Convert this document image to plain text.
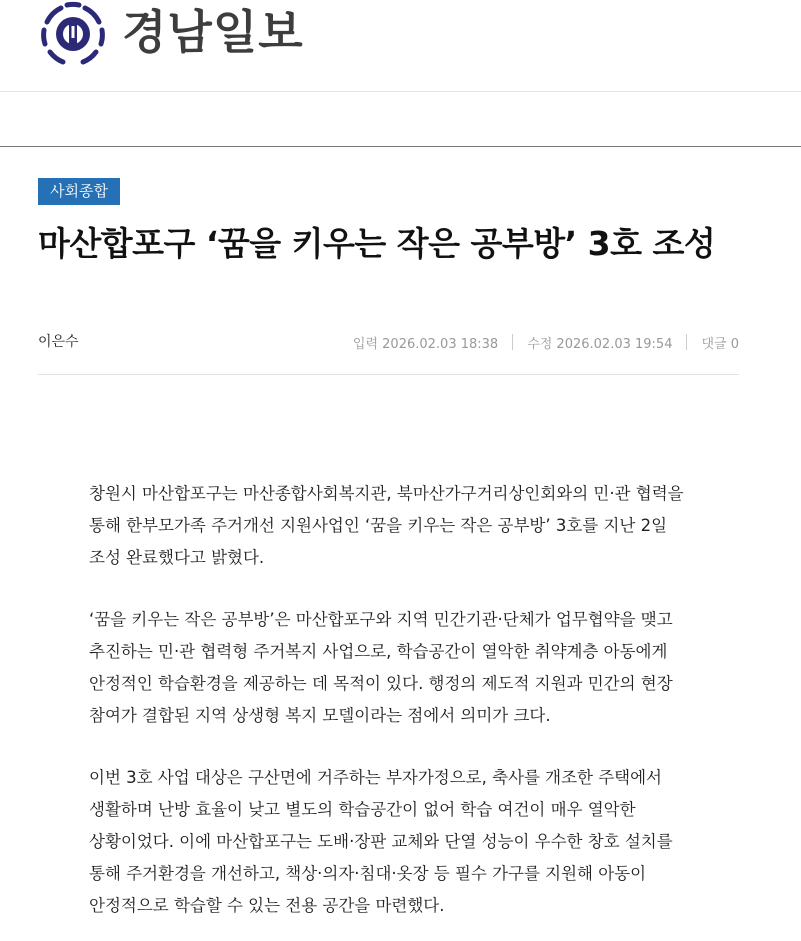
경남일보
사회종합
마산합포구 ‘꿈을 키우는 작은 공부방’ 3호 조성
이은수	입력 2026.02.03 18:38 수정 2026.02.03 19:54 댓글 0

창원시 마산합포구는 마산종합사회복지관, 북마산가구거리상인회와의 민·관 협력을 통해 한부모가족 주거개선 지원사업인 ‘꿈을 키우는 작은 공부방’ 3호를 지난 2일 조성 완료했다고 밝혔다.

‘꿈을 키우는 작은 공부방’은 마산합포구와 지역 민간기관·단체가 업무협약을 맺고 추진하는 민·관 협력형 주거복지 사업으로, 학습공간이 열악한 취약계층 아동에게 안정적인 학습환경을 제공하는 데 목적이 있다. 행정의 제도적 지원과 민간의 현장 참여가 결합된 지역 상생형 복지 모델이라는 점에서 의미가 크다.

이번 3호 사업 대상은 구산면에 거주하는 부자가정으로, 축사를 개조한 주택에서 생활하며 난방 효율이 낮고 별도의 학습공간이 없어 학습 여건이 매우 열악한 상황이었다. 이에 마산합포구는 도배·장판 교체와 단열 성능이 우수한 창호 설치를 통해 주거환경을 개선하고, 책상·의자·침대·옷장 등 필수 가구를 지원해 아동이 안정적으로 학습할 수 있는 전용 공간을 마련했다.
